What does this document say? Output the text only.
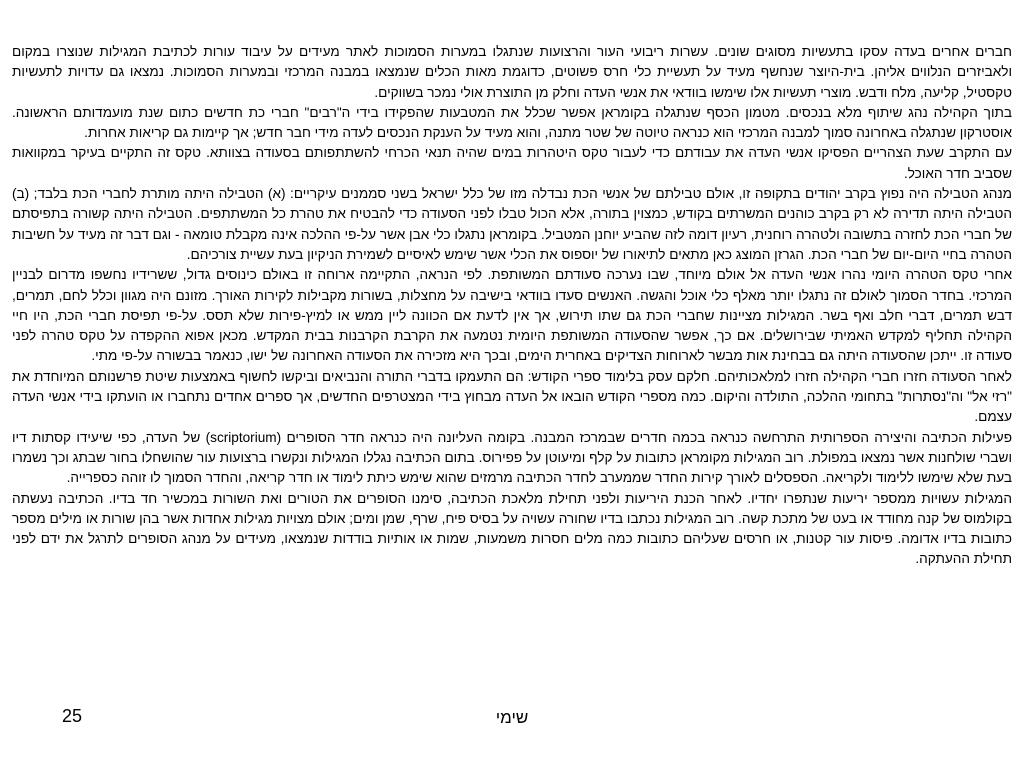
חברים אחרים בעדה עסקו בתעשיות מסוגים שונים. עשרות ריבועי העור והרצועות שנתגלו במערות הסמוכות לאתר מעידים על עיבוד עורות לכתיבת המגילות שנוצרו במקום ולאביזרים הנלווים אליהן. בית-היוצר שנחשף מעיד על תעשיית כלי חרס פשוטים, כדוגמת מאות הכלים שנמצאו במבנה המרכזי ובמערות הסמוכות. נמצאו גם עדויות לתעשיות טקסטיל, קליעה, מלח ודבש. מוצרי תעשיות אלו שימשו בוודאי את אנשי העדה וחלק מן התוצרת אולי נמכר בשווקים.

בתוך הקהילה נהג שיתוף מלא בנכסים. מטמון הכסף שנתגלה בקומראן אפשר שכלל את המטבעות שהפקידו בידי ה"רבים" חברי כת חדשים כתום שנת מועמדותם הראשונה. אוסטרקון שנתגלה באחרונה סמוך למבנה המרכזי הוא כנראה טיוטה של שטר מתנה, והוא מעיד על הענקת הנכסים לעדה מידי חבר חדש; אך קיימות גם קריאות אחרות.

עם התקרב שעת הצהריים הפסיקו אנשי העדה את עבודתם כדי לעבור טקס היטהרות במים שהיה תנאי הכרחי להשתתפותם בסעודה בצוותא. טקס זה התקיים בעיקר במקוואות שסביב חדר האוכל.

מנהג הטבילה היה נפוץ בקרב יהודים בתקופה זו, אולם טבילתם של אנשי הכת נבדלה מזו של כלל ישראל בשני סממנים עיקריים: (א) הטבילה היתה מותרת לחברי הכת בלבד; (ב) הטבילה היתה תדירה לא רק בקרב כוהנים המשרתים בקודש, כמצוין בתורה, אלא הכול טבלו לפני הסעודה כדי להבטיח את טהרת כל המשתתפים. הטבילה היתה קשורה בתפיסתם של חברי הכת לחזרה בתשובה ולטהרה רוחנית, רעיון דומה לזה שהביע יוחנן המטביל. בקומראן נתגלו כלי אבן אשר על-פי ההלכה אינה מקבלת טומאה - וגם דבר זה מעיד על חשיבות הטהרה בחיי היום-יום של חברי הכת. הגרזן המוצג כאן מתאים לתיאורו של יוספוס את הכלי אשר שימש לאיסיים לשמירת הניקיון בעת עשיית צורכיהם.

אחרי טקס הטהרה היומי נהרו אנשי העדה אל אולם מיוחד, שבו נערכה סעודתם המשותפת. לפי הנראה, התקיימה ארוחה זו באולם כינוסים גדול, ששרידיו נחשפו מדרום לבניין המרכזי. בחדר הסמוך לאולם זה נתגלו יותר מאלף כלי אוכל והגשה. האנשים סעדו בוודאי בישיבה על מחצלות, בשורות מקבילות לקירות האורך. מזונם היה מגוון וכלל לחם, תמרים, דבש תמרים, דברי חלב ואף בשר. המגילות מציינות שחברי הכת גם שתו תירוש, אך אין לדעת אם הכוונה ליין ממש או למיץ-פירות שלא תסס. על-פי תפיסת חברי הכת, היו חיי הקהילה תחליף למקדש האמיתי שבירושלים. אם כך, אפשר שהסעודה המשותפת היומית נטמעה את הקרבת הקרבנות בבית המקדש. מכאן אפוא ההקפדה על טקס טהרה לפני סעודה זו. ייתכן שהסעודה היתה גם בבחינת אות מבשר לארוחות הצדיקים באחרית הימים, ובכך היא מזכירה את הסעודה האחרונה של ישו, כנאמר בבשורה על-פי מתי.

לאחר הסעודה חזרו חברי הקהילה חזרו למלאכותיהם. חלקם עסק בלימוד ספרי הקודש: הם התעמקו בדברי התורה והנביאים וביקשו לחשוף באמצעות שיטת פרשנותם המיוחדת את "רזי אל" וה"נסתרות" בתחומי ההלכה, התולדה והיקום. כמה מספרי הקודש הובאו אל העדה מבחוץ בידי המצטרפים החדשים, אך ספרים אחדים נתחברו או הועתקו בידי אנשי העדה עצמם.

פעילות הכתיבה והיצירה הספרותית התרחשה כנראה בכמה חדרים שבמרכז המבנה. בקומה העליונה היה כנראה חדר הסופרים (scriptorium) של העדה, כפי שיעידו קסתות דיו ושברי שולחנות אשר נמצאו במפולת. רוב המגילות מקומראן כתובות על קלף ומיעוטן על פפירוס. בתום הכתיבה נגללו המגילות ונקשרו ברצועות עור שהושחלו בחור שבתג וכך נשמרו בעת שלא שימשו ללימוד ולקריאה. הספסלים לאורך קירות החדר שממערב לחדר הכתיבה מרמזים שהוא שימש כיתת לימוד או חדר קריאה, והחדר הסמוך לו זוהה כספרייה.

המגילות עשויות ממספר יריעות שנתפרו יחדיו. לאחר הכנת היריעות ולפני תחילת מלאכת הכתיבה, סימנו הסופרים את הטורים ואת השורות במכשיר חד בדיו. הכתיבה נעשתה בקולמוס של קנה מחודד או בעט של מתכת קשה. רוב המגילות נכתבו בדיו שחורה עשויה על בסיס פיח, שרף, שמן ומים; אולם מצויות מגילות אחדות אשר בהן שורות או מילים מספר כתובות בדיו אדומה. פיסות עור קטנות, או חרסים שעליהם כתובות כמה מלים חסרות משמעות, שמות או אותיות בודדות שנמצאו, מעידים על מנהג הסופרים לתרגל את ידם לפני תחילת ההעתקה.

שימי
25
